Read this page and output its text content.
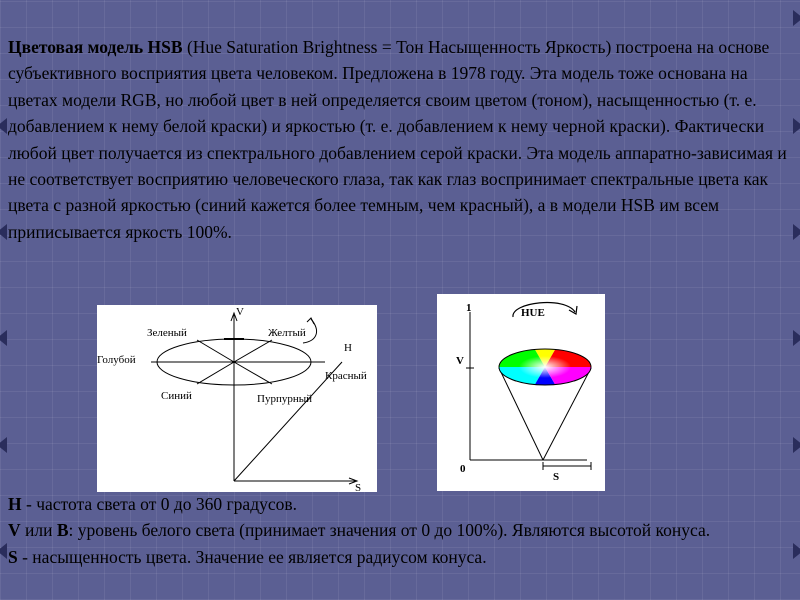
Цветовая модель HSB (Hue Saturation Brightness = Тон Насыщенность Яркость) построена на основе субъективного восприятия цвета человеком. Предложена в 1978 году. Эта модель тоже основана на цветах модели RGB, но любой цвет в ней определяется своим цветом (тоном), насыщенностью (т. е. добавлением к нему белой краски) и яркостью (т. е. добавлением к нему черной краски). Фактически любой цвет получается из спектрального добавлением серой краски. Эта модель аппаратно-зависимая и не соответствует восприятию человеческого глаза, так как глаз воспринимает спектральные цвета как цвета с разной яркостью (синий кажется более темным, чем красный), а в модели HSB им всем приписывается яркость 100%.

V
H
S
Зеленый	Желтый
Голубой
Красный
Синий	Пурпурный
HUE
1
V
0
S

H - частота света от 0 до 360 градусов.

V или B: уровень белого света (принимает значения от 0 до 100%). Являются высотой конуса.

S - насыщенность цвета. Значение ее является радиусом конуса.
